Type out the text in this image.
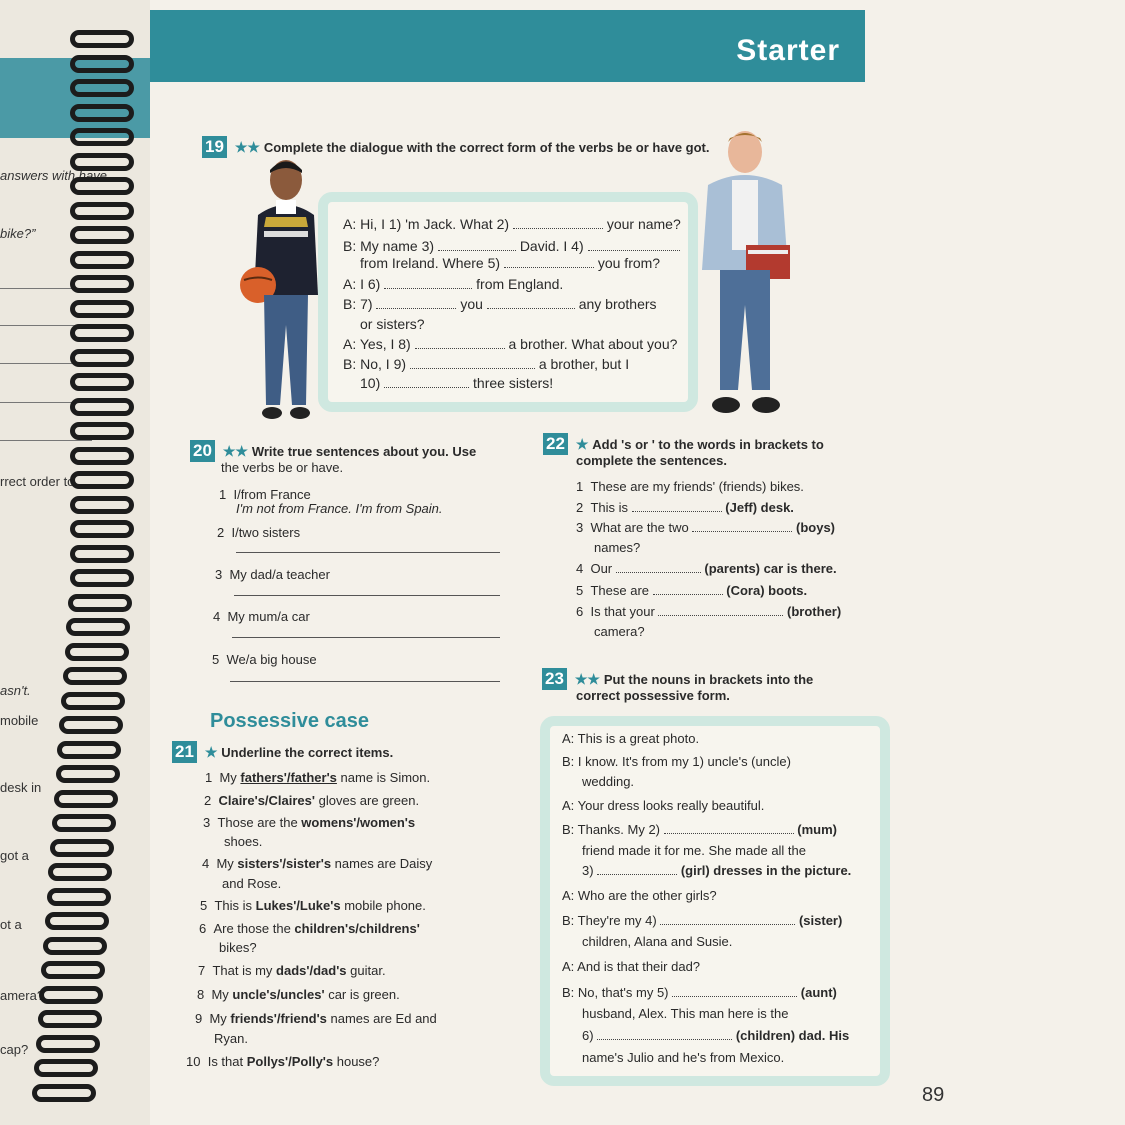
answers with have
bike?”
rrect order to
asn't.
mobile
desk in
got a
ot a
amera?
cap?
Starter
19 ★★ Complete the dialogue with the correct form of the verbs be or have got.
A: Hi, I 1) 'm Jack. What 2)	your name?
B: My name 3)	David. I 4)
from Ireland. Where 5)	you from?
A: I 6)	from England.
B: 7)	you	any brothers
or sisters?
A: Yes, I 8)	a brother. What about you?
B: No, I 9)	a brother, but I
10)	three sisters!
20 ★★ Write true sentences about you. Use
the verbs be or have.
1 I/from France
I'm not from France. I'm from Spain.
2 I/two sisters
3 My dad/a teacher
4 My mum/a car
5 We/a big house
22 ★ Add 's or ' to the words in brackets to
complete the sentences.
1 These are my friends' (friends) bikes.
2 This is	(Jeff) desk.
3 What are the two	(boys)
names?
4 Our	(parents) car is there.
5 These are	(Cora) boots.
6 Is that your	(brother)
camera?
Possessive case
21 ★ Underline the correct items.
1 My fathers'/father's name is Simon.
2 Claire's/Claires' gloves are green.
3 Those are the womens'/women's
shoes.
4 My sisters'/sister's names are Daisy
and Rose.
5 This is Lukes'/Luke's mobile phone.
6 Are those the children's/childrens'
bikes?
7 That is my dads'/dad's guitar.
8 My uncle's/uncles' car is green.
9 My friends'/friend's names are Ed and
Ryan.
10 Is that Pollys'/Polly's house?
23 ★★ Put the nouns in brackets into the
correct possessive form.
A: This is a great photo.
B: I know. It's from my 1) uncle's (uncle)
wedding.
A: Your dress looks really beautiful.
B: Thanks. My 2)	(mum)
friend made it for me. She made all the
3)	(girl) dresses in the picture.
A: Who are the other girls?
B: They're my 4)	(sister)
children, Alana and Susie.
A: And is that their dad?
B: No, that's my 5)	(aunt)
husband, Alex. This man here is the
6)	(children) dad. His
name's Julio and he's from Mexico.
89
